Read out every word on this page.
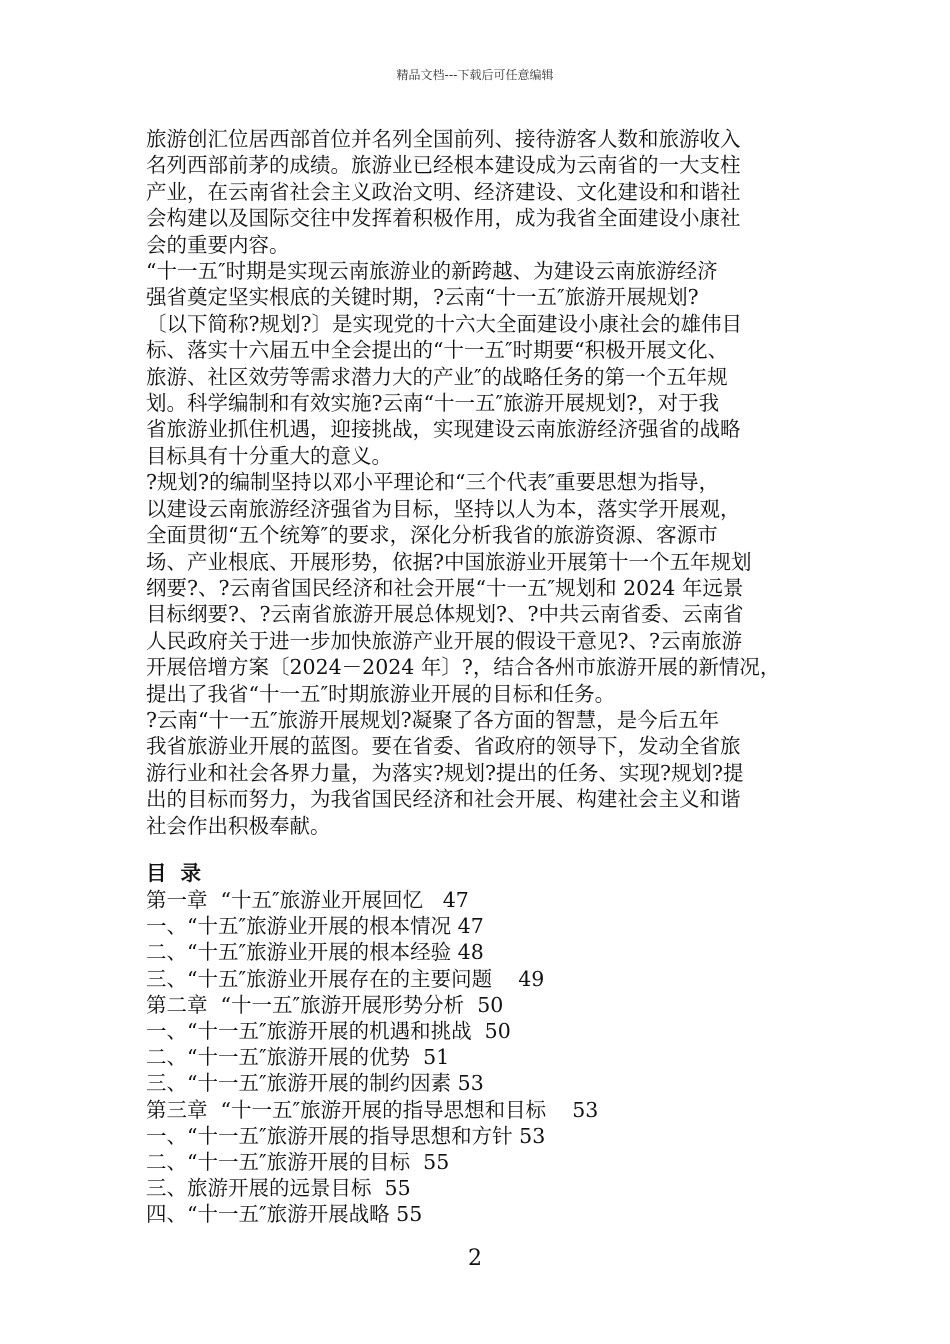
精品文档---下载后可任意编辑

旅游创汇位居西部首位并名列全国前列、接待游客人数和旅游收入
名列西部前茅的成绩。旅游业已经根本建设成为云南省的一大支柱
产业，在云南省社会主义政治文明、经济建设、文化建设和和谐社
会构建以及国际交往中发挥着积极作用，成为我省全面建设小康社
会的重要内容。

“十一五″时期是实现云南旅游业的新跨越、为建设云南旅游经济
强省奠定坚实根底的关键时期，?云南“十一五″旅游开展规划?
〔以下简称?规划?〕是实现党的十六大全面建设小康社会的雄伟目
标、落实十六届五中全会提出的“十一五″时期要“积极开展文化、
旅游、社区效劳等需求潜力大的产业″的战略任务的第一个五年规
划。科学编制和有效实施?云南“十一五″旅游开展规划?，对于我
省旅游业抓住机遇，迎接挑战，实现建设云南旅游经济强省的战略
目标具有十分重大的意义。

?规划?的编制坚持以邓小平理论和“三个代表″重要思想为指导，
以建设云南旅游经济强省为目标，坚持以人为本，落实学开展观，
全面贯彻“五个统筹″的要求，深化分析我省的旅游资源、客源市
场、产业根底、开展形势，依据?中国旅游业开展第十一个五年规划
纲要?、?云南省国民经济和社会开展“十一五″规划和 2024 年远景
目标纲要?、?云南省旅游开展总体规划?、?中共云南省委、云南省
人民政府关于进一步加快旅游产业开展的假设干意见?、?云南旅游
开展倍增方案〔2024－2024 年〕?，结合各州市旅游开展的新情况，
提出了我省“十一五″时期旅游业开展的目标和任务。

?云南“十一五″旅游开展规划?凝聚了各方面的智慧，是今后五年
我省旅游业开展的蓝图。要在省委、省政府的领导下，发动全省旅
游行业和社会各界力量，为落实?规划?提出的任务、实现?规划?提
出的目标而努力，为我省国民经济和社会开展、构建社会主义和谐
社会作出积极奉献。

目录
第一章  “十五″旅游业开展回忆   47
一、“十五″旅游业开展的根本情况 47
二、“十五″旅游业开展的根本经验 48
三、“十五″旅游业开展存在的主要问题    49
第二章  “十一五″旅游开展形势分析  50
一、“十一五″旅游开展的机遇和挑战  50
二、“十一五″旅游开展的优势  51
三、“十一五″旅游开展的制约因素 53
第三章  “十一五″旅游开展的指导思想和目标    53
一、“十一五″旅游开展的指导思想和方针 53
二、“十一五″旅游开展的目标  55
三、旅游开展的远景目标  55
四、“十一五″旅游开展战略 55
2
